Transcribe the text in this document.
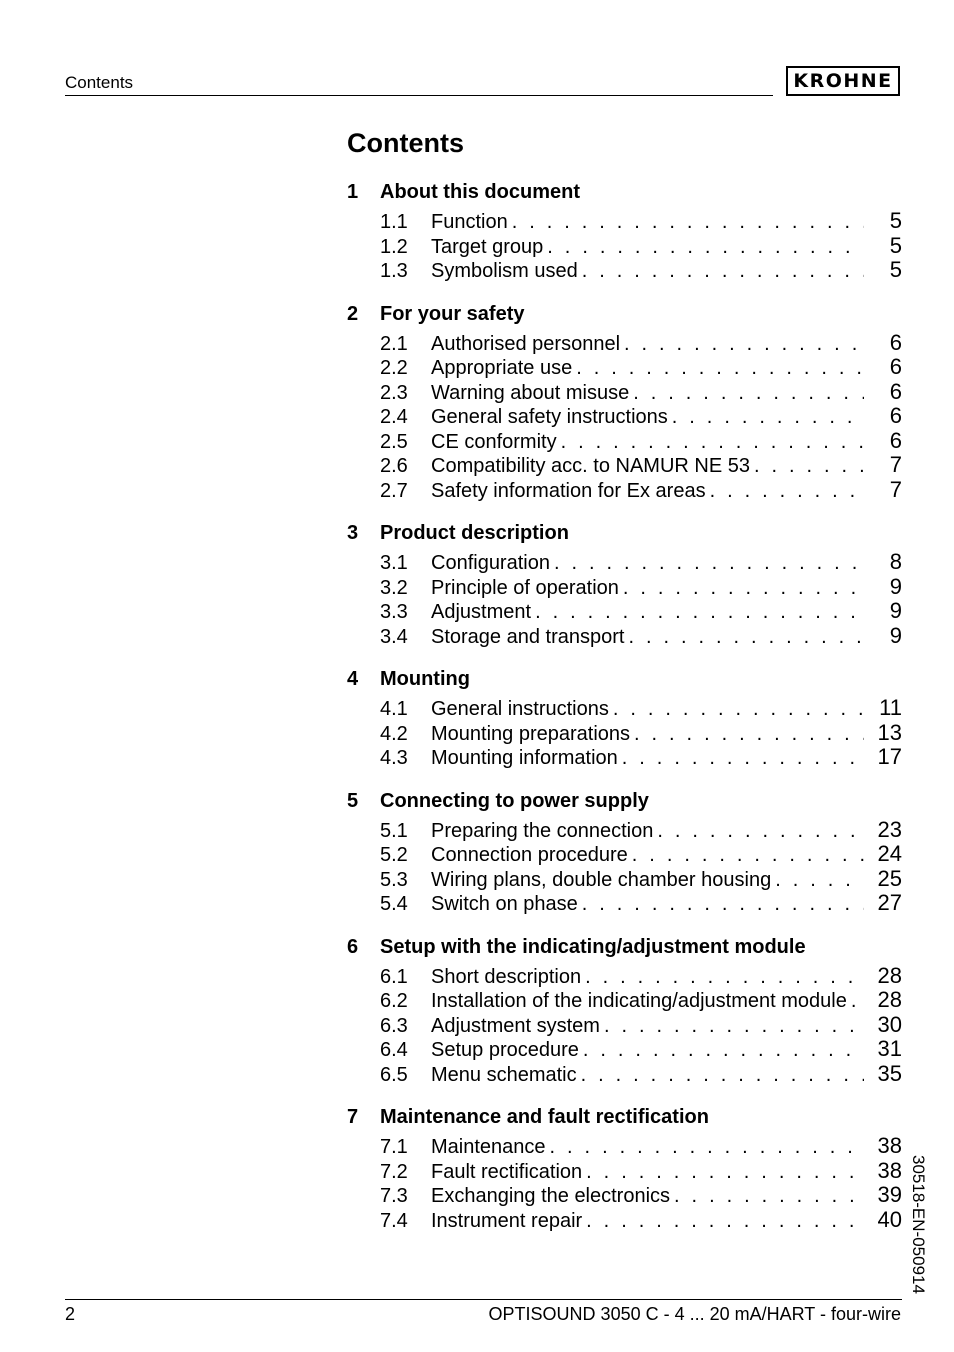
Contents	KROHNE
Contents
1	About this document
1.1	Function . . .	5
1.2	Target group . . .	5
1.3	Symbolism used . . .	5
2	For your safety
2.1	Authorised personnel . . .	6
2.2	Appropriate use . . .	6
2.3	Warning about misuse . . .	6
2.4	General safety instructions . . .	6
2.5	CE conformity . . .	6
2.6	Compatibility acc. to NAMUR NE 53 . . .	7
2.7	Safety information for Ex areas . . .	7
3	Product description
3.1	Configuration . . .	8
3.2	Principle of operation . . .	9
3.3	Adjustment . . .	9
3.4	Storage and transport . . .	9
4	Mounting
4.1	General instructions . . .	11
4.2	Mounting preparations . . .	13
4.3	Mounting information . . .	17
5	Connecting to power supply
5.1	Preparing the connection . . .	23
5.2	Connection procedure . . .	24
5.3	Wiring plans, double chamber housing . . .	25
5.4	Switch on phase . . .	27
6	Setup with the indicating/adjustment module
6.1	Short description . . .	28
6.2	Installation of the indicating/adjustment module . . .	28
6.3	Adjustment system . . .	30
6.4	Setup procedure . . .	31
6.5	Menu schematic . . .	35
7	Maintenance and fault rectification
7.1	Maintenance . . .	38
7.2	Fault rectification . . .	38
7.3	Exchanging the electronics . . .	39
7.4	Instrument repair . . .	40 30518-EN-050914
2	OPTISOUND 3050 C - 4 ... 20 mA/HART - four-wire
